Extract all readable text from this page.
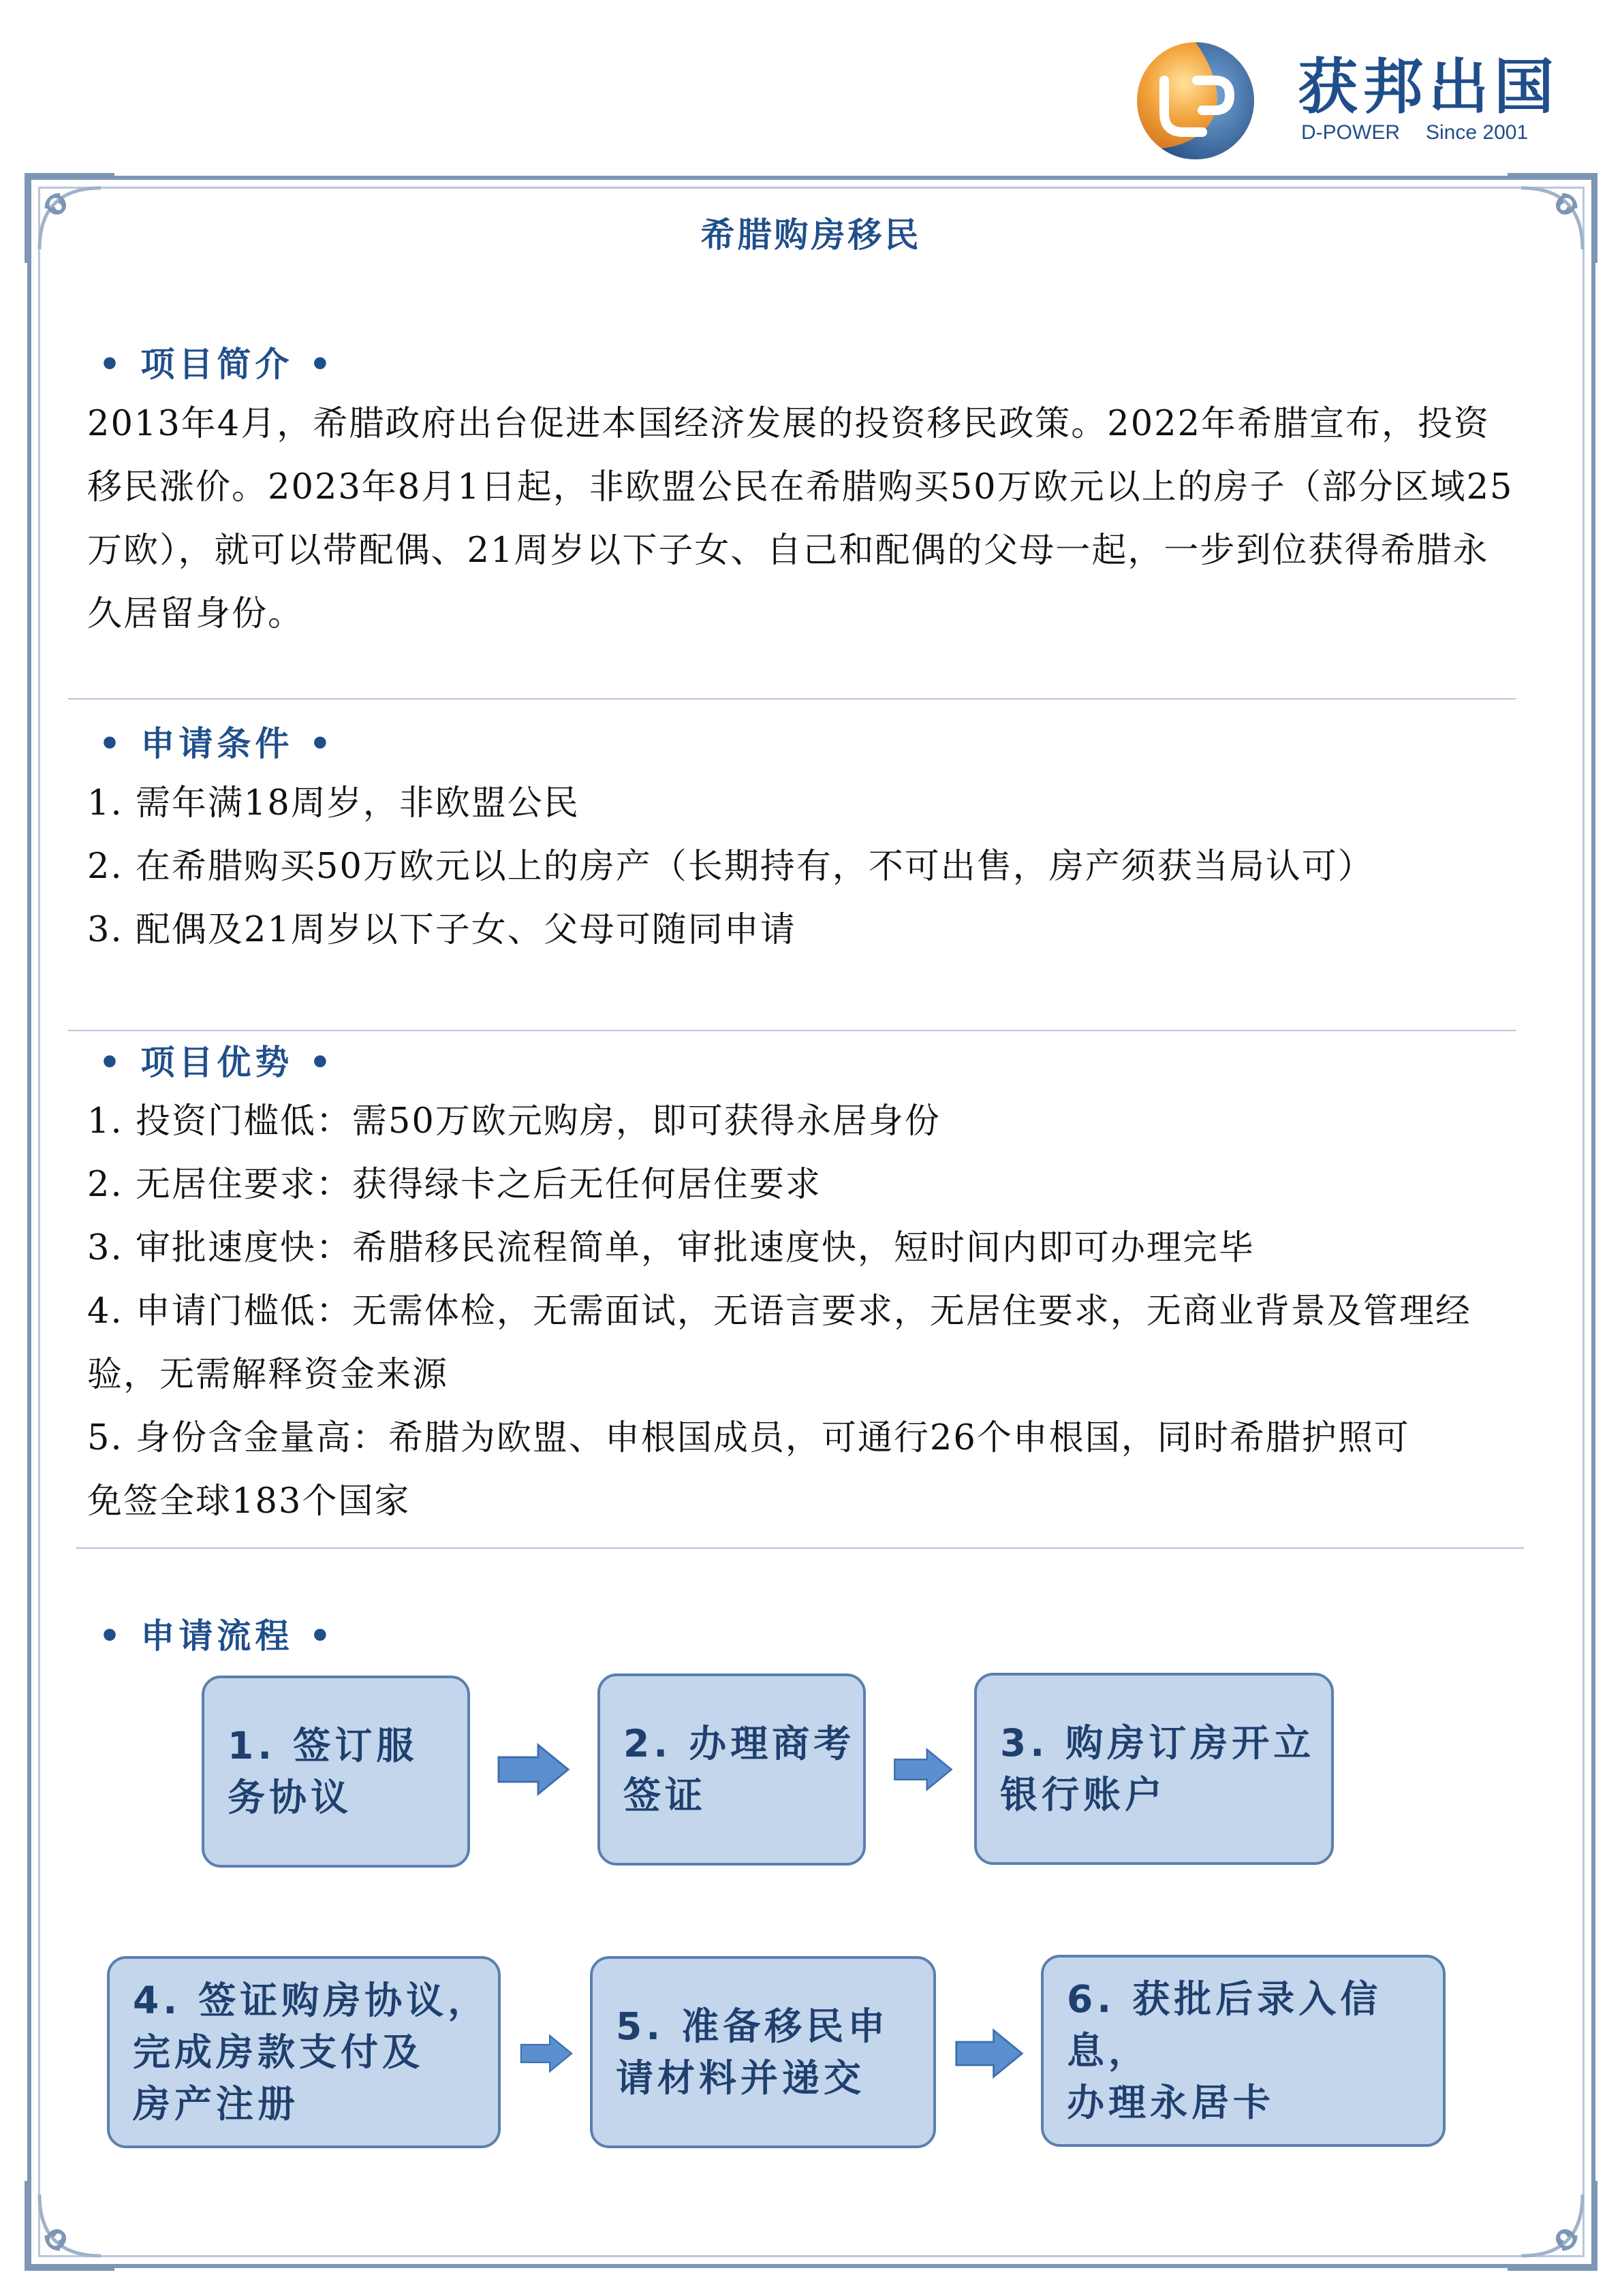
获邦出国
D-POWER Since 2001
希腊购房移民
• 项目简介 •

2013年4月，希腊政府出台促进本国经济发展的投资移民政策。2022年希腊宣布，投资移民涨价。2023年8月1日起，非欧盟公民在希腊购买50万欧元以上的房子（部分区域25万欧），就可以带配偶、21周岁以下子女、自己和配偶的父母一起，一步到位获得希腊永久居留身份。

• 申请条件 •
1. 需年满18周岁，非欧盟公民
2. 在希腊购买50万欧元以上的房产（长期持有，不可出售，房产须获当局认可）
3. 配偶及21周岁以下子女、父母可随同申请
• 项目优势 •
1. 投资门槛低：需50万欧元购房，即可获得永居身份
2. 无居住要求：获得绿卡之后无任何居住要求
3. 审批速度快：希腊移民流程简单，审批速度快，短时间内即可办理完毕
4. 申请门槛低：无需体检，无需面试，无语言要求，无居住要求，无商业背景及管理经
验，无需解释资金来源
5. 身份含金量高：希腊为欧盟、申根国成员，可通行26个申根国，同时希腊护照可
免签全球183个国家
• 申请流程 •
1. 签订服
务协议
2. 办理商考
签证
3. 购房订房开立
银行账户
4. 签证购房协议，
完成房款支付及
房产注册
5. 准备移民申
请材料并递交
6. 获批后录入信息，
办理永居卡
